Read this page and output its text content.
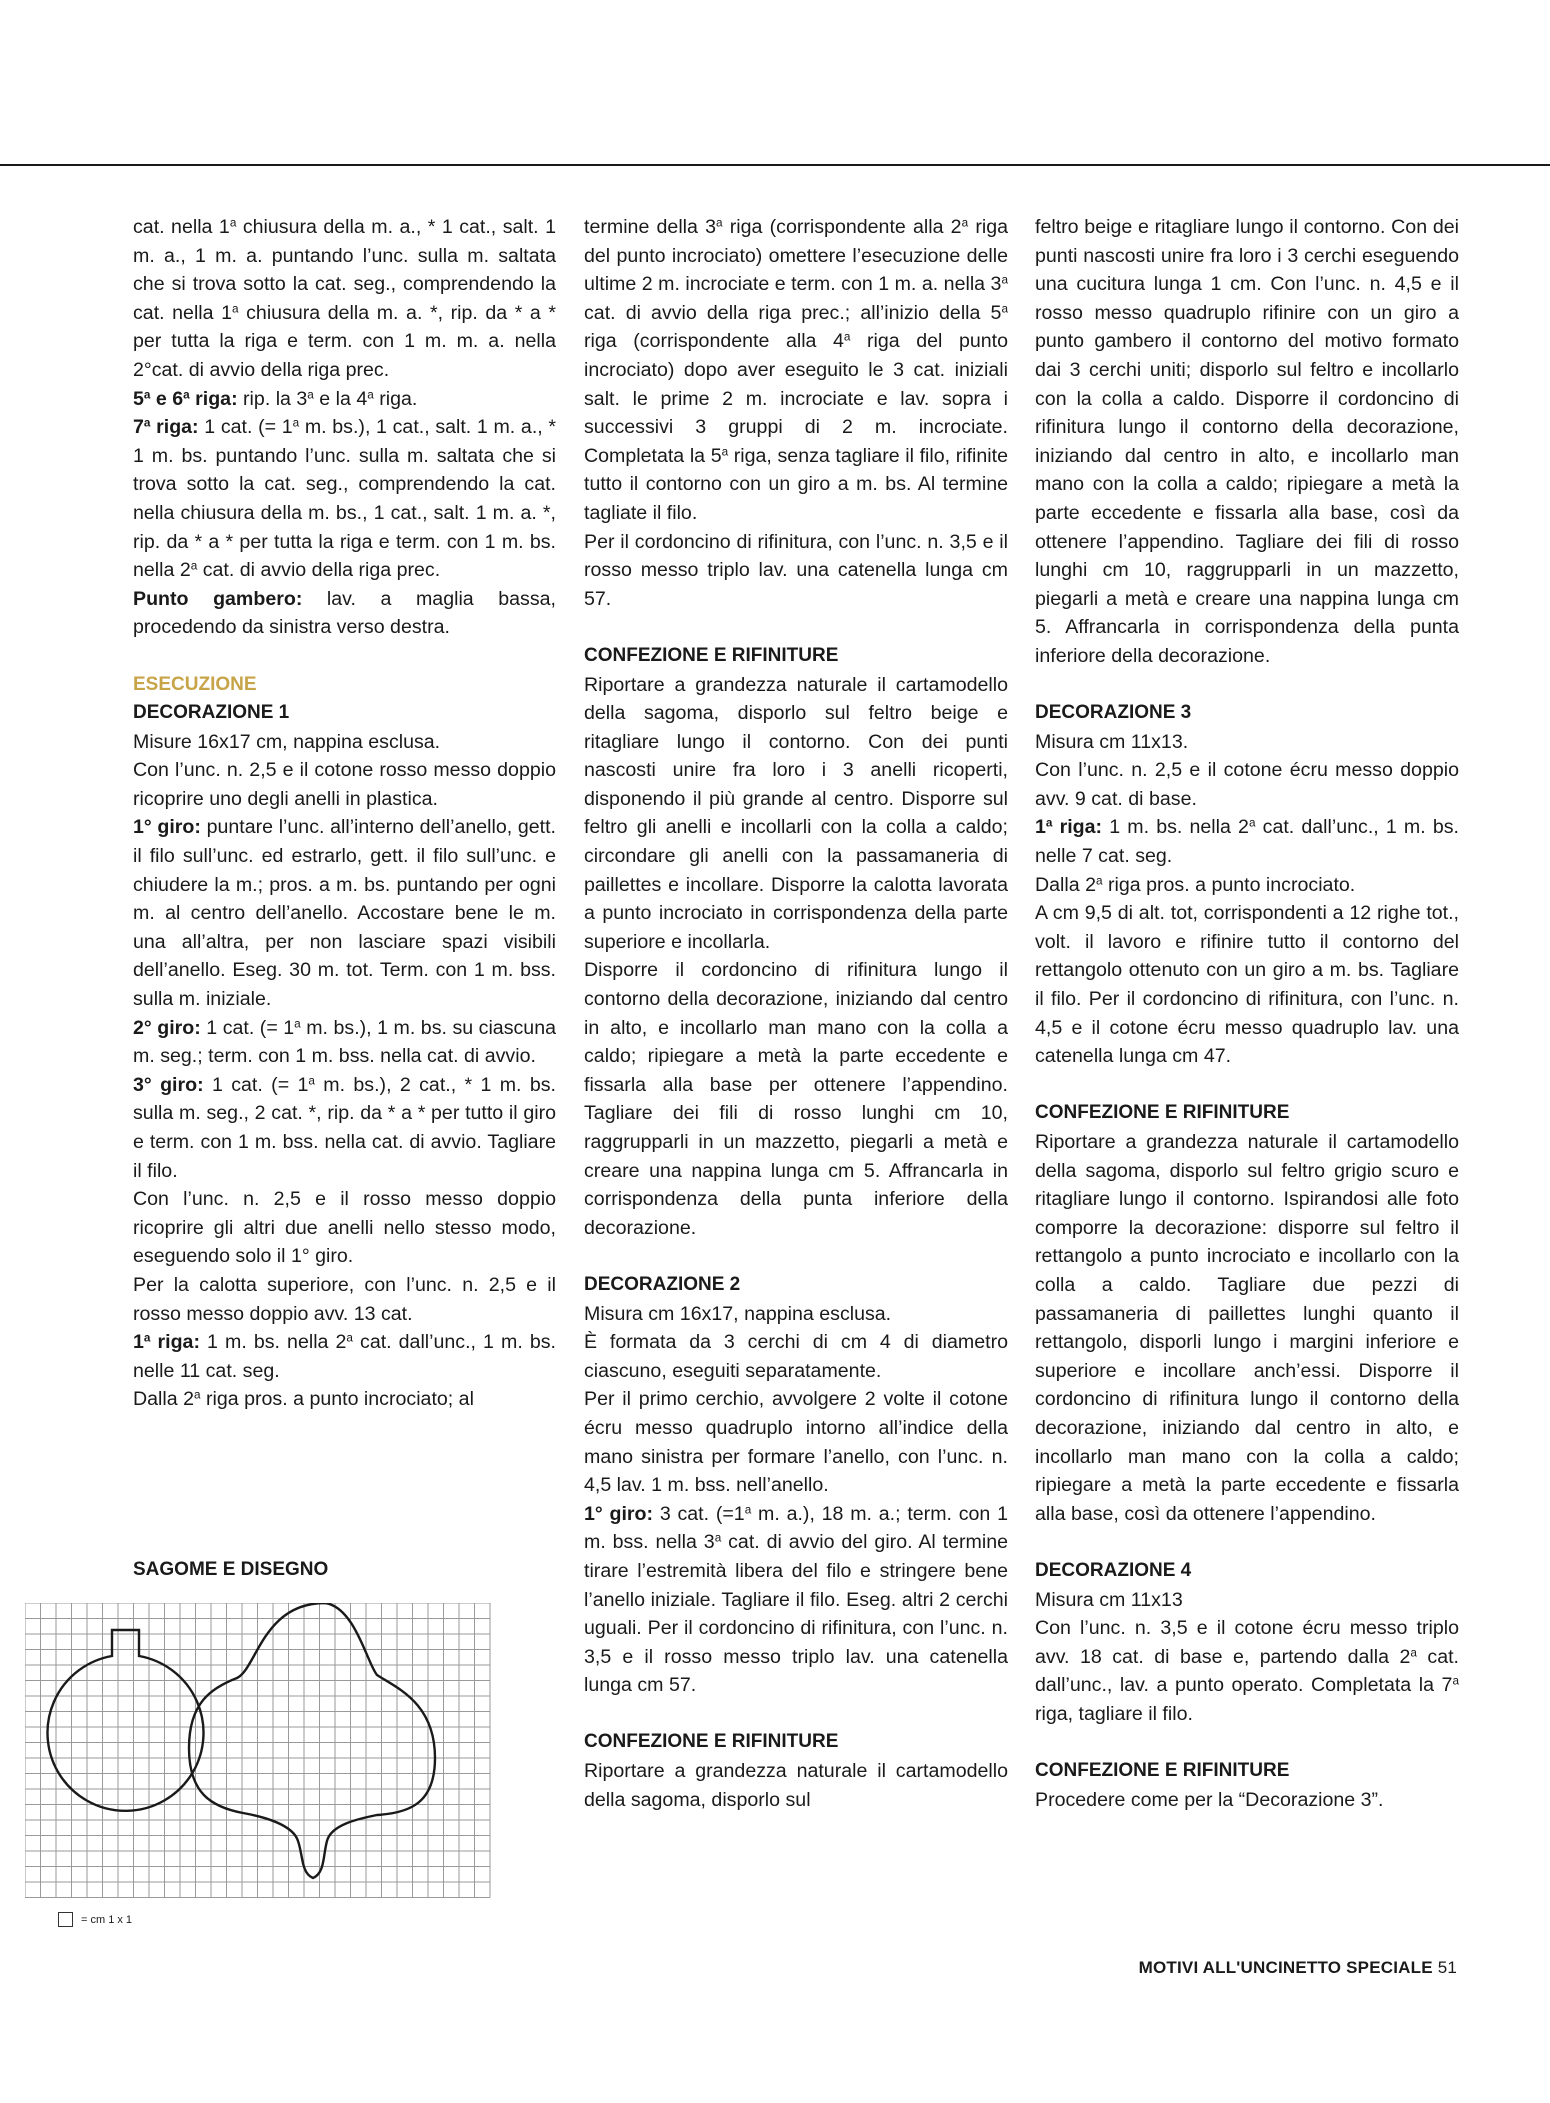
cat. nella 1$^a$ chiusura della m. a., * 1 cat., salt. 1 m. a., 1 m. a. puntando l’unc. sulla m. saltata che si trova sotto la cat. seg., comprendendo la cat. nella 1$^a$ chiusura della m. a. *, rip. da * a * per tutta la riga e term. con 1 m. m. a. nella 2°cat. di avvio della riga prec.

5$^a$ e 6$^a$ riga: rip. la 3$^a$ e la 4$^a$ riga.

7$^a$ riga: 1 cat. (= $1^a$ m. bs.), 1 cat., salt. 1 m. a., * 1 m. bs. puntando l’unc. sulla m. saltata che si trova sotto la cat. seg., comprendendo la cat. nella chiusura della m. bs., 1 cat., salt. 1 m. a. *, rip. da * a * per tutta la riga e term. con 1 m. bs. nella 2$^a$ cat. di avvio della riga prec.

Punto gambero: lav. a maglia bassa, procedendo da sinistra verso destra.

ESECUZIONE
DECORAZIONE 1

Misure 16x17 cm, nappina esclusa.

Con l’unc. n. 2,5 e il cotone rosso messo doppio ricoprire uno degli anelli in plastica.

1° giro: puntare l’unc. all’interno dell’anello, gett. il filo sull’unc. ed estrarlo, gett. il filo sull’unc. e chiudere la m.; pros. a m. bs. puntando per ogni m. al centro dell’anello. Accostare bene le m. una all’altra, per non lasciare spazi visibili dell’anello. Eseg. 30 m. tot. Term. con 1 m. bss. sulla m. iniziale.

2° giro: 1 cat. (= $1^a$ m. bs.), 1 m. bs. su ciascuna m. seg.; term. con 1 m. bss. nella cat. di avvio.

3° giro: 1 cat. (= $1^a$ m. bs.), 2 cat., * 1 m. bs. sulla m. seg., 2 cat. *, rip. da * a * per tutto il giro e term. con 1 m. bss. nella cat. di avvio. Tagliare il filo.

Con l’unc. n. 2,5 e il rosso messo doppio ricoprire gli altri due anelli nello stesso modo, eseguendo solo il 1° giro.

Per la calotta superiore, con l’unc. n. 2,5 e il rosso messo doppio avv. 13 cat.

1$^a$ riga: 1 m. bs. nella 2$^a$ cat. dall’unc., 1 m. bs. nelle 11 cat. seg.

Dalla 2$^a$ riga pros. a punto incrociato; al

termine della 3$^a$ riga (corrispondente alla 2$^a$ riga del punto incrociato) omettere l’esecuzione delle ultime 2 m. incrociate e term. con 1 m. a. nella 3$^a$ cat. di avvio della riga prec.; all’inizio della 5$^a$ riga (corrispondente alla 4$^a$ riga del punto incrociato) dopo aver eseguito le 3 cat. iniziali salt. le prime 2 m. incrociate e lav. sopra i successivi 3 gruppi di 2 m. incrociate. Completata la 5$^a$ riga, senza tagliare il filo, rifinite tutto il contorno con un giro a m. bs. Al termine tagliate il filo.

Per il cordoncino di rifinitura, con l’unc. n. 3,5 e il rosso messo triplo lav. una catenella lunga cm 57.

CONFEZIONE E RIFINITURE

Riportare a grandezza naturale il cartamodello della sagoma, disporlo sul feltro beige e ritagliare lungo il contorno. Con dei punti nascosti unire fra loro i 3 anelli ricoperti, disponendo il più grande al centro. Disporre sul feltro gli anelli e incollarli con la colla a caldo; circondare gli anelli con la passamaneria di paillettes e incollare. Disporre la calotta lavorata a punto incrociato in corrispondenza della parte superiore e incollarla.

Disporre il cordoncino di rifinitura lungo il contorno della decorazione, iniziando dal centro in alto, e incollarlo man mano con la colla a caldo; ripiegare a metà la parte eccedente e fissarla alla base per ottenere l’appendino. Tagliare dei fili di rosso lunghi cm 10, raggrupparli in un mazzetto, piegarli a metà e creare una nappina lunga cm 5. Affrancarla in corrispondenza della punta inferiore della decorazione.

DECORAZIONE 2

Misura cm 16x17, nappina esclusa.

È formata da 3 cerchi di cm 4 di diametro ciascuno, eseguiti separatamente.

Per il primo cerchio, avvolgere 2 volte il cotone écru messo quadruplo intorno all’indice della mano sinistra per formare l’anello, con l’unc. n. 4,5 lav. 1 m. bss. nell’anello.

1° giro: 3 cat. ($=1^a$ m. a.), 18 m. a.; term. con 1 m. bss. nella 3$^a$ cat. di avvio del giro. Al termine tirare l’estremità libera del filo e stringere bene l’anello iniziale. Tagliare il filo. Eseg. altri 2 cerchi uguali. Per il cordoncino di rifinitura, con l’unc. n. 3,5 e il rosso messo triplo lav. una catenella lunga cm 57.

CONFEZIONE E RIFINITURE

Riportare a grandezza naturale il cartamodello della sagoma, disporlo sul

feltro beige e ritagliare lungo il contorno. Con dei punti nascosti unire fra loro i 3 cerchi eseguendo una cucitura lunga 1 cm. Con l’unc. n. 4,5 e il rosso messo quadruplo rifinire con un giro a punto gambero il contorno del motivo formato dai 3 cerchi uniti; disporlo sul feltro e incollarlo con la colla a caldo. Disporre il cordoncino di rifinitura lungo il contorno della decorazione, iniziando dal centro in alto, e incollarlo man mano con la colla a caldo; ripiegare a metà la parte eccedente e fissarla alla base, così da ottenere l’appendino. Tagliare dei fili di rosso lunghi cm 10, raggrupparli in un mazzetto, piegarli a metà e creare una nappina lunga cm 5. Affrancarla in corrispondenza della punta inferiore della decorazione.

DECORAZIONE 3

Misura cm 11x13.

Con l’unc. n. 2,5 e il cotone écru messo doppio avv. 9 cat. di base.

1$^a$ riga: 1 m. bs. nella 2$^a$ cat. dall’unc., 1 m. bs. nelle 7 cat. seg.

Dalla 2$^a$ riga pros. a punto incrociato.

A cm 9,5 di alt. tot, corrispondenti a 12 righe tot., volt. il lavoro e rifinire tutto il contorno del rettangolo ottenuto con un giro a m. bs. Tagliare il filo. Per il cordoncino di rifinitura, con l’unc. n. 4,5 e il cotone écru messo quadruplo lav. una catenella lunga cm 47.

CONFEZIONE E RIFINITURE

Riportare a grandezza naturale il cartamodello della sagoma, disporlo sul feltro grigio scuro e ritagliare lungo il contorno. Ispirandosi alle foto comporre la decorazione: disporre sul feltro il rettangolo a punto incrociato e incollarlo con la colla a caldo. Tagliare due pezzi di passamaneria di paillettes lunghi quanto il rettangolo, disporli lungo i margini inferiore e superiore e incollare anch’essi. Disporre il cordoncino di rifinitura lungo il contorno della decorazione, iniziando dal centro in alto, e incollarlo man mano con la colla a caldo; ripiegare a metà la parte eccedente e fissarla alla base, così da ottenere l’appendino.

DECORAZIONE 4

Misura cm 11x13

Con l’unc. n. 3,5 e il cotone écru messo triplo avv. 18 cat. di base e, partendo dalla 2$^a$ cat. dall’unc., lav. a punto operato. Completata la 7$^a$ riga, tagliare il filo.

CONFEZIONE E RIFINITURE

Procedere come per la “Decorazione 3”.

SAGOME E DISEGNO
= cm 1 x 1
MOTIVI ALL'UNCINETTO SPECIALE 51
